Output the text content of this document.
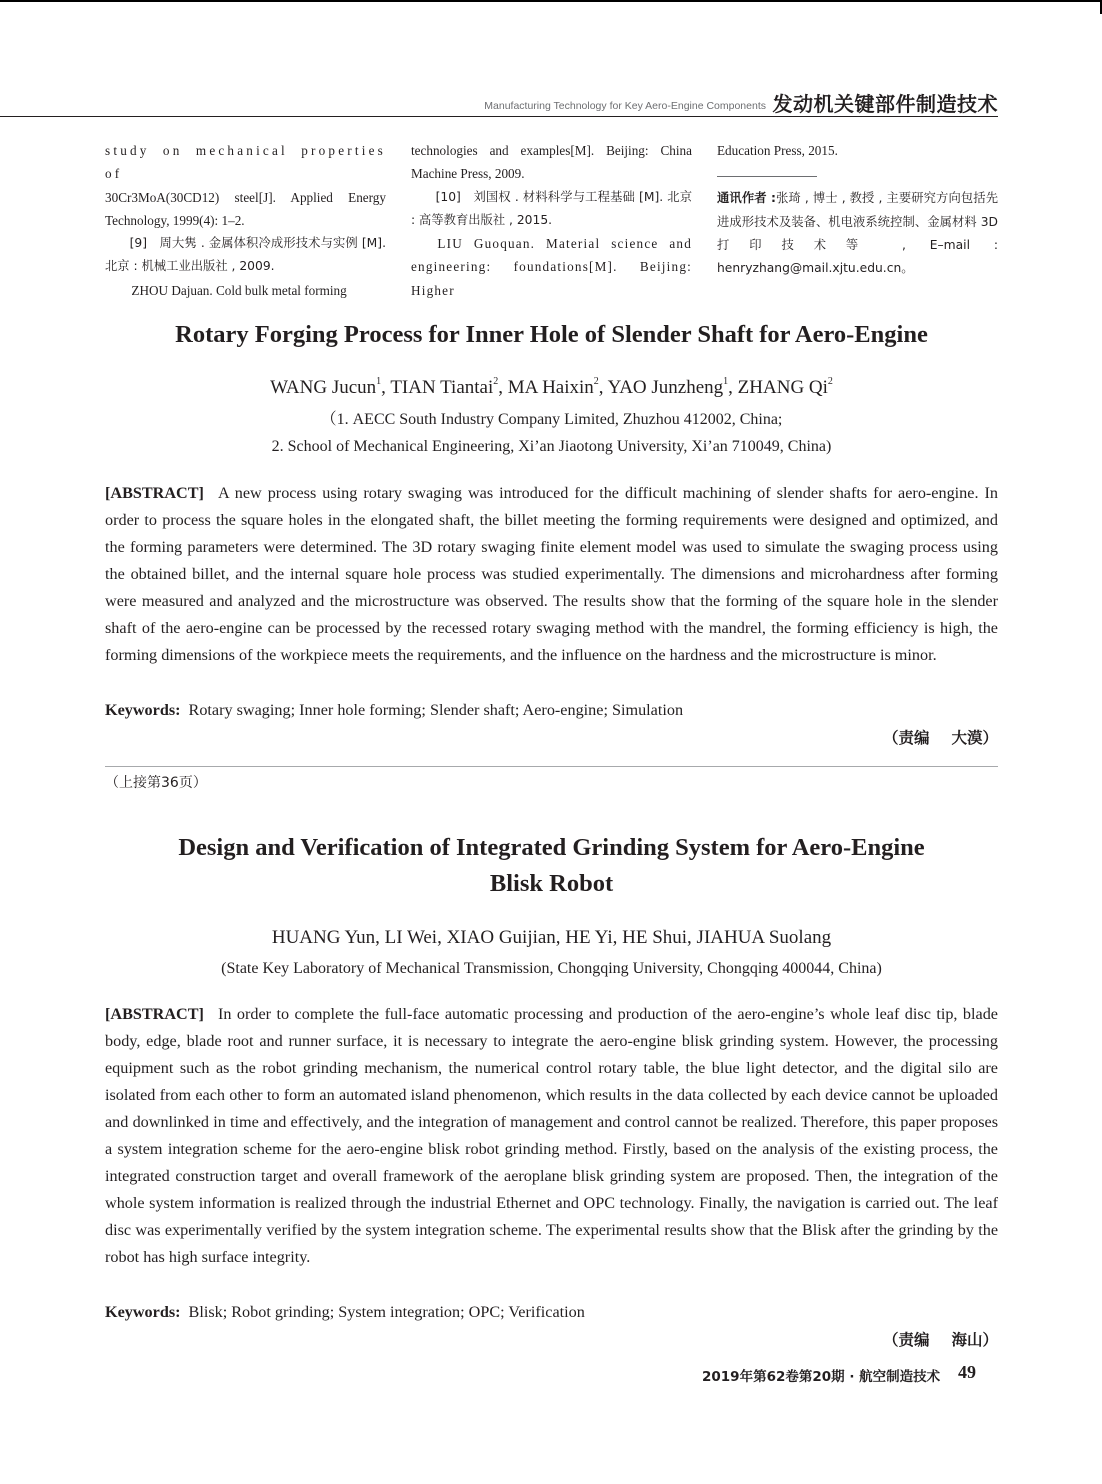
Manufacturing Technology for Key Aero-Engine Components 发动机关键部件制造技术

study on mechanical properties of

30Cr3MoA(30CD12) steel[J]. Applied Energy Technology, 1999(4): 1–2.

[9]　周大隽 . 金属体积冷成形技术与实例 [M]. 北京 : 机械工业出版社 , 2009.

ZHOU Dajuan. Cold bulk metal forming

technologies and examples[M]. Beijing: China Machine Press, 2009.

[10]　刘国权 . 材料科学与工程基础 [M]. 北京 : 高等教育出版社 , 2015.

LIU Guoquan. Material science and engineering: foundations[M]. Beijing: Higher

Education Press, 2015.

通讯作者 :张琦 , 博士 , 教授 , 主要研究方向包括先进成形技术及装备、机电液系统控制、金属材料 3D 打印技术等 , E–mail : henryzhang@mail.xjtu.edu.cn。

Rotary Forging Process for Inner Hole of Slender Shaft for Aero-Engine
WANG Jucun$^1$, TIAN Tiantai$^2$, MA Haixin$^2$, YAO Junzheng$^1$, ZHANG Qi$^2$
（1. AECC South Industry Company Limited, Zhuzhou 412002, China;
2. School of Mechanical Engineering, Xi’an Jiaotong University, Xi’an 710049, China)

[ABSTRACT] A new process using rotary swaging was introduced for the difficult machining of slender shafts for aero-engine. In order to process the square holes in the elongated shaft, the billet meeting the forming requirements were designed and optimized, and the forming parameters were determined. The 3D rotary swaging finite element model was used to simulate the swaging process using the obtained billet, and the internal square hole process was studied experimentally. The dimensions and microhardness after forming were measured and analyzed and the microstructure was observed. The results show that the forming of the square hole in the slender shaft of the aero-engine can be processed by the recessed rotary swaging method with the mandrel, the forming efficiency is high, the forming dimensions of the workpiece meets the requirements, and the influence on the hardness and the microstructure is minor.

Keywords: Rotary swaging; Inner hole forming; Slender shaft; Aero-engine; Simulation
（责编 大漠）
（上接第36页）
Design and Verification of Integrated Grinding System for Aero-Engine
Blisk Robot
HUANG Yun, LI Wei, XIAO Guijian, HE Yi, HE Shui, JIAHUA Suolang
(State Key Laboratory of Mechanical Transmission, Chongqing University, Chongqing 400044, China)

[ABSTRACT] In order to complete the full-face automatic processing and production of the aero-engine’s whole leaf disc tip, blade body, edge, blade root and runner surface, it is necessary to integrate the aero-engine blisk grinding system. However, the processing equipment such as the robot grinding mechanism, the numerical control rotary table, the blue light detector, and the digital silo are isolated from each other to form an automated island phenomenon, which results in the data collected by each device cannot be uploaded and downlinked in time and effectively, and the integration of management and control cannot be realized. Therefore, this paper proposes a system integration scheme for the aero-engine blisk robot grinding method. Firstly, based on the analysis of the existing process, the integrated construction target and overall framework of the aeroplane blisk grinding system are proposed. Then, the integration of the whole system information is realized through the industrial Ethernet and OPC technology. Finally, the navigation is carried out. The leaf disc was experimentally verified by the system integration scheme. The experimental results show that the Blisk after the grinding by the robot has high surface integrity.

Keywords: Blisk; Robot grinding; System integration; OPC; Verification
（责编 海山）
2019年第62卷第20期 · 航空制造技术 49
